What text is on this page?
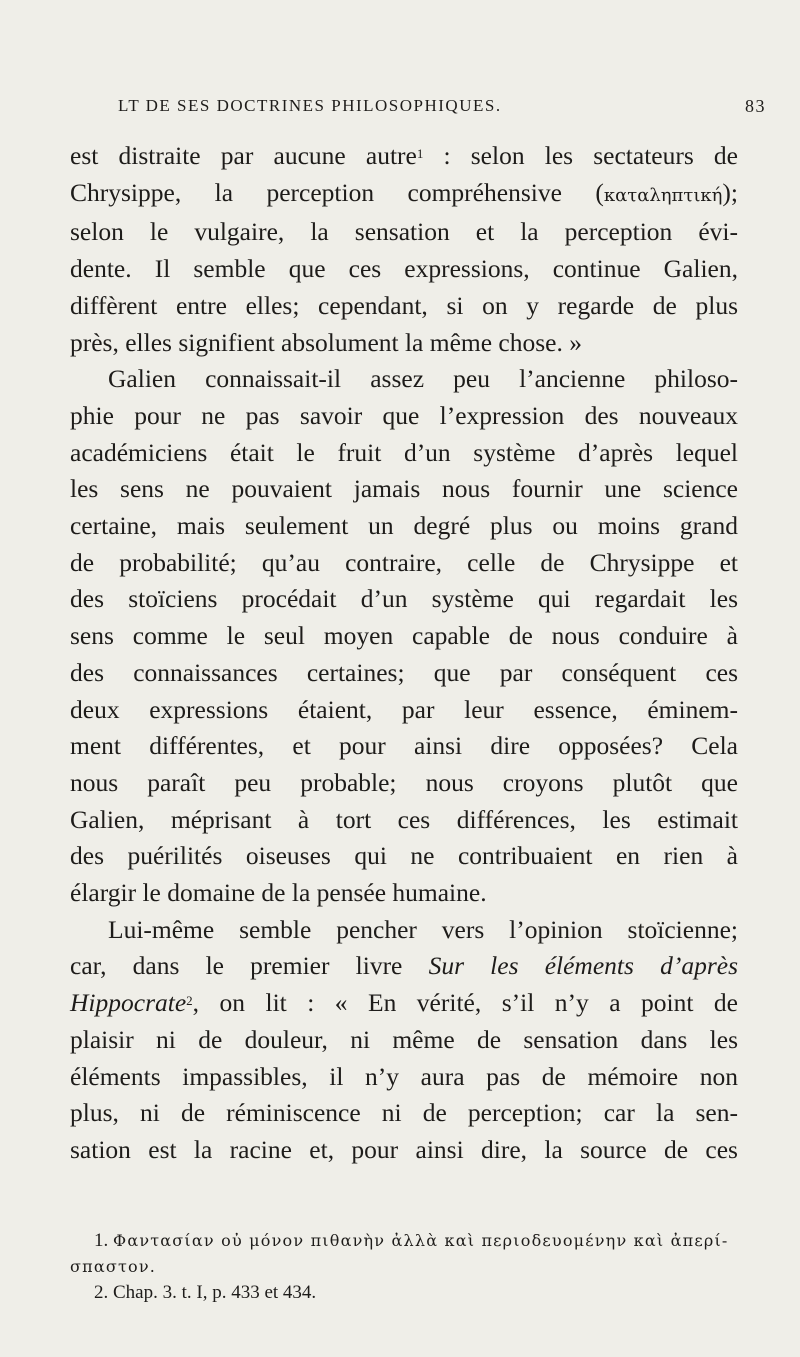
LT DE SES DOCTRINES PHILOSOPHIQUES.	83
est distraite par aucune autre$^1$ : selon les sectateurs de
Chrysippe, la perception compréhensive (καταληπτική);
selon le vulgaire, la sensation et la perception évi-
dente. Il semble que ces expressions, continue Galien,
diffèrent entre elles; cependant, si on y regarde de plus
près, elles signifient absolument la même chose. »
Galien connaissait-il assez peu l’ancienne philoso-
phie pour ne pas savoir que l’expression des nouveaux
académiciens était le fruit d’un système d’après lequel
les sens ne pouvaient jamais nous fournir une science
certaine, mais seulement un degré plus ou moins grand
de probabilité; qu’au contraire, celle de Chrysippe et
des stoïciens procédait d’un système qui regardait les
sens comme le seul moyen capable de nous conduire à
des connaissances certaines; que par conséquent ces
deux expressions étaient, par leur essence, éminem-
ment différentes, et pour ainsi dire opposées? Cela
nous paraît peu probable; nous croyons plutôt que
Galien, méprisant à tort ces différences, les estimait
des puérilités oiseuses qui ne contribuaient en rien à
élargir le domaine de la pensée humaine.
Lui-même semble pencher vers l’opinion stoïcienne;
car, dans le premier livre Sur les éléments d’après
Hippocrate$^2$, on lit : « En vérité, s’il n’y a point de
plaisir ni de douleur, ni même de sensation dans les
éléments impassibles, il n’y aura pas de mémoire non
plus, ni de réminiscence ni de perception; car la sen-
sation est la racine et, pour ainsi dire, la source de ces
1. Φαντασίαν οὐ μόνον πιθανὴν ἀλλὰ καὶ περιοδευομένην καὶ ἀπερί-
σπαστον.
2. Chap. 3. t. I, p. 433 et 434.
